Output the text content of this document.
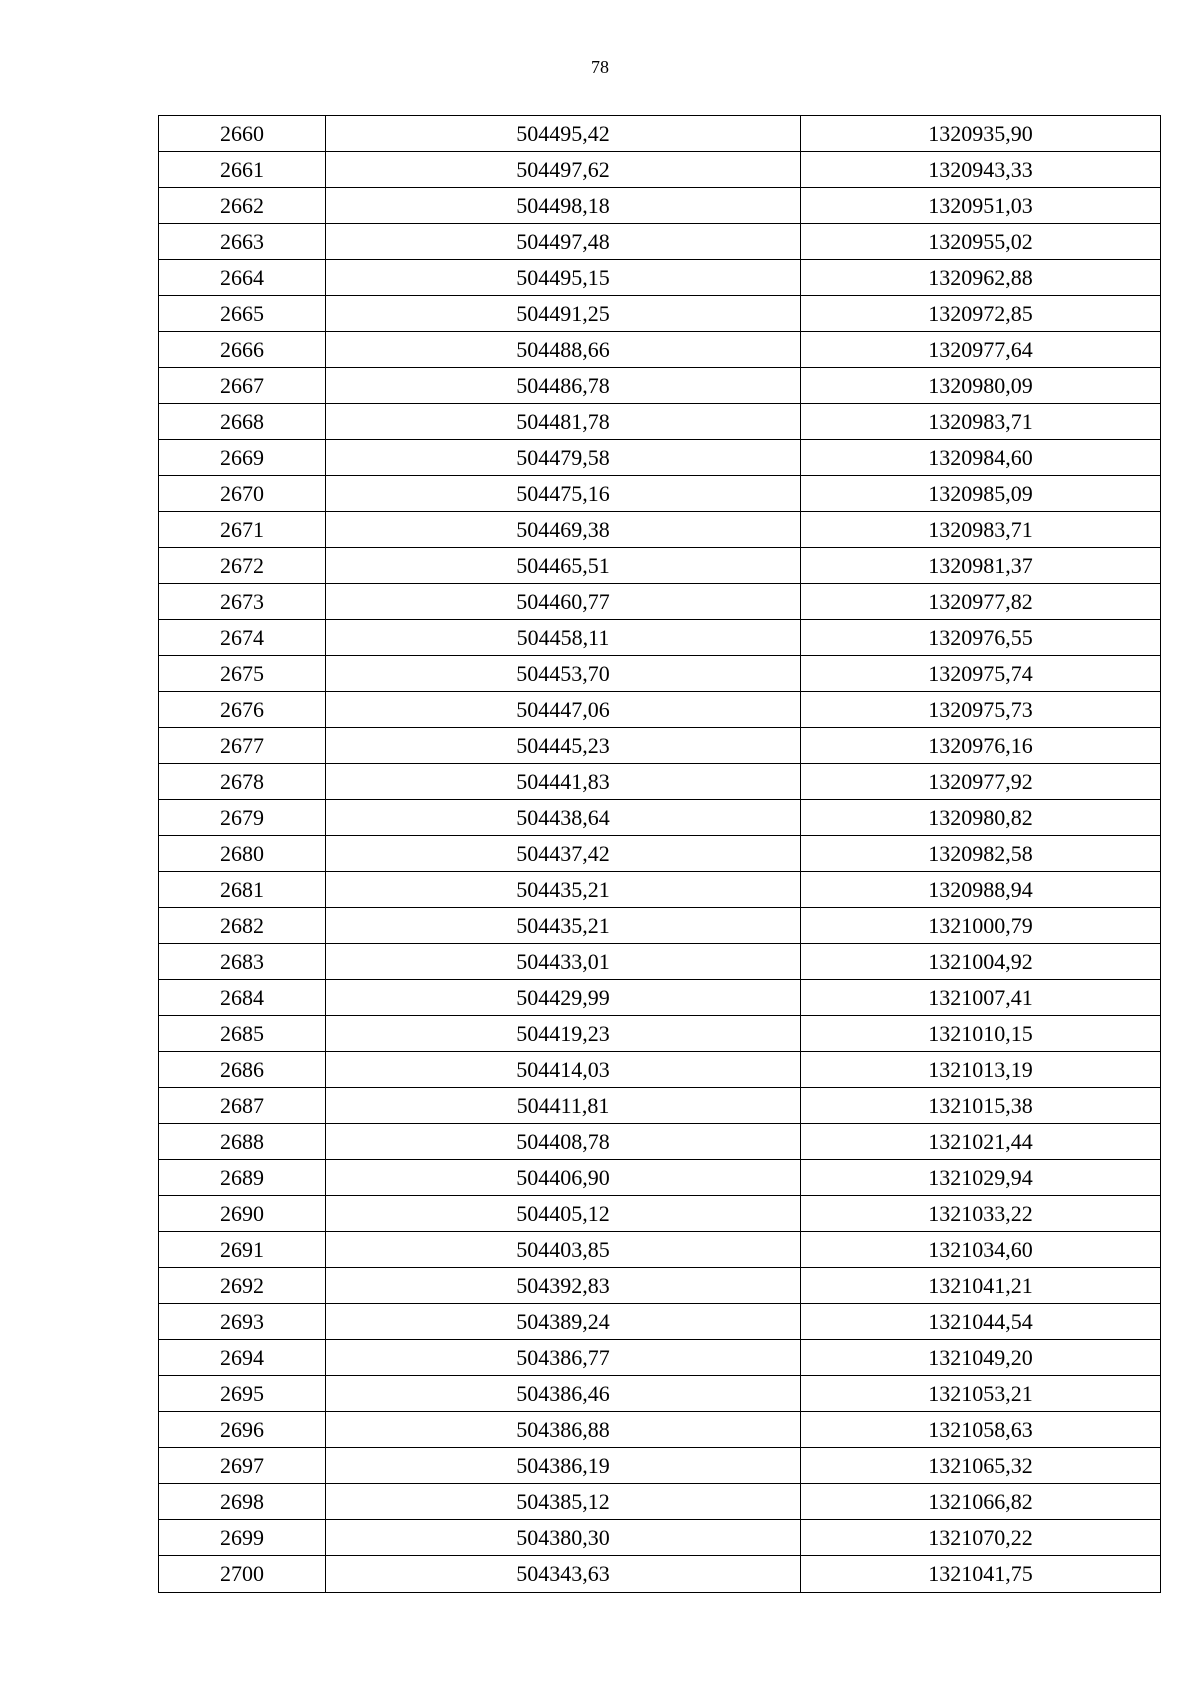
78
2660	504495,42	1320935,90
2661	504497,62	1320943,33
2662	504498,18	1320951,03
2663	504497,48	1320955,02
2664	504495,15	1320962,88
2665	504491,25	1320972,85
2666	504488,66	1320977,64
2667	504486,78	1320980,09
2668	504481,78	1320983,71
2669	504479,58	1320984,60
2670	504475,16	1320985,09
2671	504469,38	1320983,71
2672	504465,51	1320981,37
2673	504460,77	1320977,82
2674	504458,11	1320976,55
2675	504453,70	1320975,74
2676	504447,06	1320975,73
2677	504445,23	1320976,16
2678	504441,83	1320977,92
2679	504438,64	1320980,82
2680	504437,42	1320982,58
2681	504435,21	1320988,94
2682	504435,21	1321000,79
2683	504433,01	1321004,92
2684	504429,99	1321007,41
2685	504419,23	1321010,15
2686	504414,03	1321013,19
2687	504411,81	1321015,38
2688	504408,78	1321021,44
2689	504406,90	1321029,94
2690	504405,12	1321033,22
2691	504403,85	1321034,60
2692	504392,83	1321041,21
2693	504389,24	1321044,54
2694	504386,77	1321049,20
2695	504386,46	1321053,21
2696	504386,88	1321058,63
2697	504386,19	1321065,32
2698	504385,12	1321066,82
2699	504380,30	1321070,22
2700	504343,63	1321041,75
